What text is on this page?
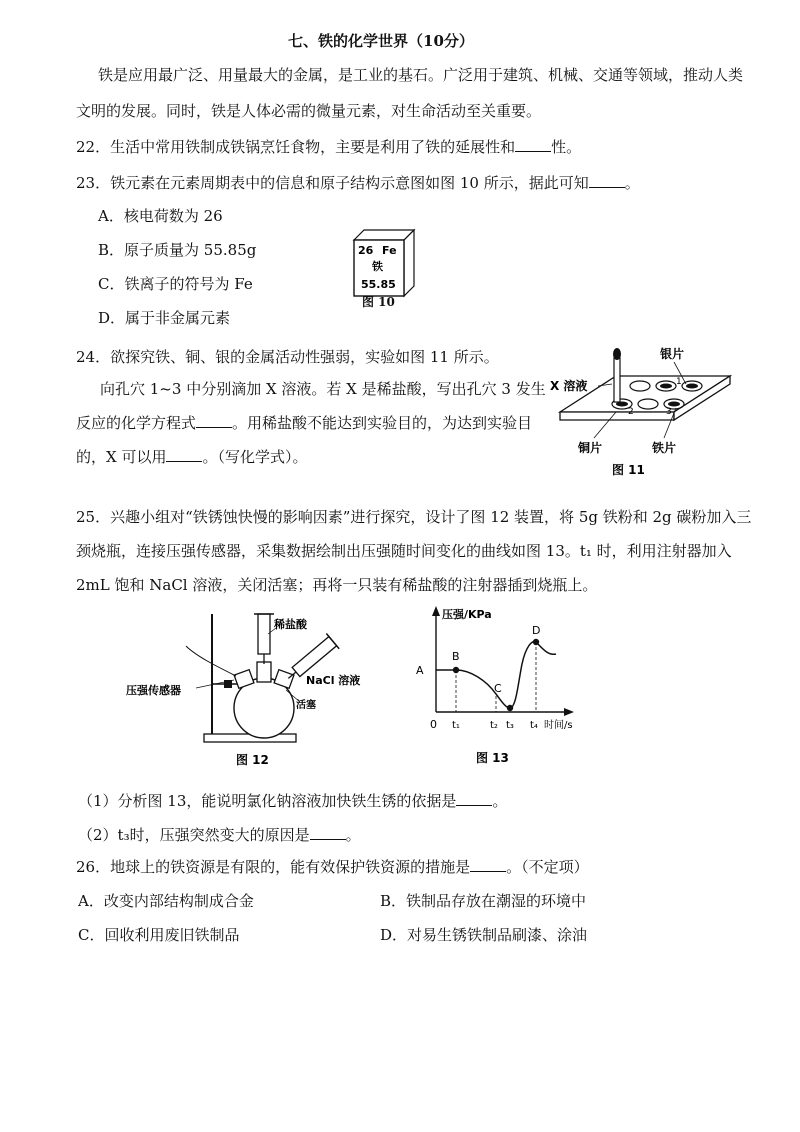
七、铁的化学世界（10分）
铁是应用最广泛、用量最大的金属，是工业的基石。广泛用于建筑、机械、交通等领域，推动人类
文明的发展。同时，铁是人体必需的微量元素，对生命活动至关重要。
22．生活中常用铁制成铁锅烹饪食物，主要是利用了铁的延展性和 性。
23．铁元素在元素周期表中的信息和原子结构示意图如图 10 所示，据此可知 。
A．核电荷数为 26
B．原子质量为 55.85g
C．铁离子的符号为 Fe
D．属于非金属元素
26 Fe
铁
55.85
图 10
24．欲探究铁、铜、银的金属活动性强弱，实验如图 11 所示。
向孔穴 1~3 中分别滴加 X 溶液。若 X 是稀盐酸，写出孔穴 3 发生
反应的化学方程式 。用稀盐酸不能达到实验目的，为达到实验目
的，X 可以用 。（写化学式）。
银片
X 溶液
铜片	铁片
2
1
3
图 11
25．兴趣小组对“铁锈蚀快慢的影响因素”进行探究，设计了图 12 装置，将 5g 铁粉和 2g 碳粉加入三
颈烧瓶，连接压强传感器，采集数据绘制出压强随时间变化的曲线如图 13。t₁ 时，利用注射器加入
2mL 饱和 NaCl 溶液，关闭活塞；再将一只装有稀盐酸的注射器插到烧瓶上。
稀盐酸
NaCl 溶液
压强传感器
活塞
图 12
压强/KPa
A
B
C
D
0 t₁	t₂ t₃ t₄ 时间/s
图 13
（1）分析图 13，能说明氯化钠溶液加快铁生锈的依据是 。
（2）t₃时，压强突然变大的原因是 。
26．地球上的铁资源是有限的，能有效保护铁资源的措施是 。（不定项）
A．改变内部结构制成合金	B．铁制品存放在潮湿的环境中
C．回收利用废旧铁制品	D．对易生锈铁制品刷漆、涂油
